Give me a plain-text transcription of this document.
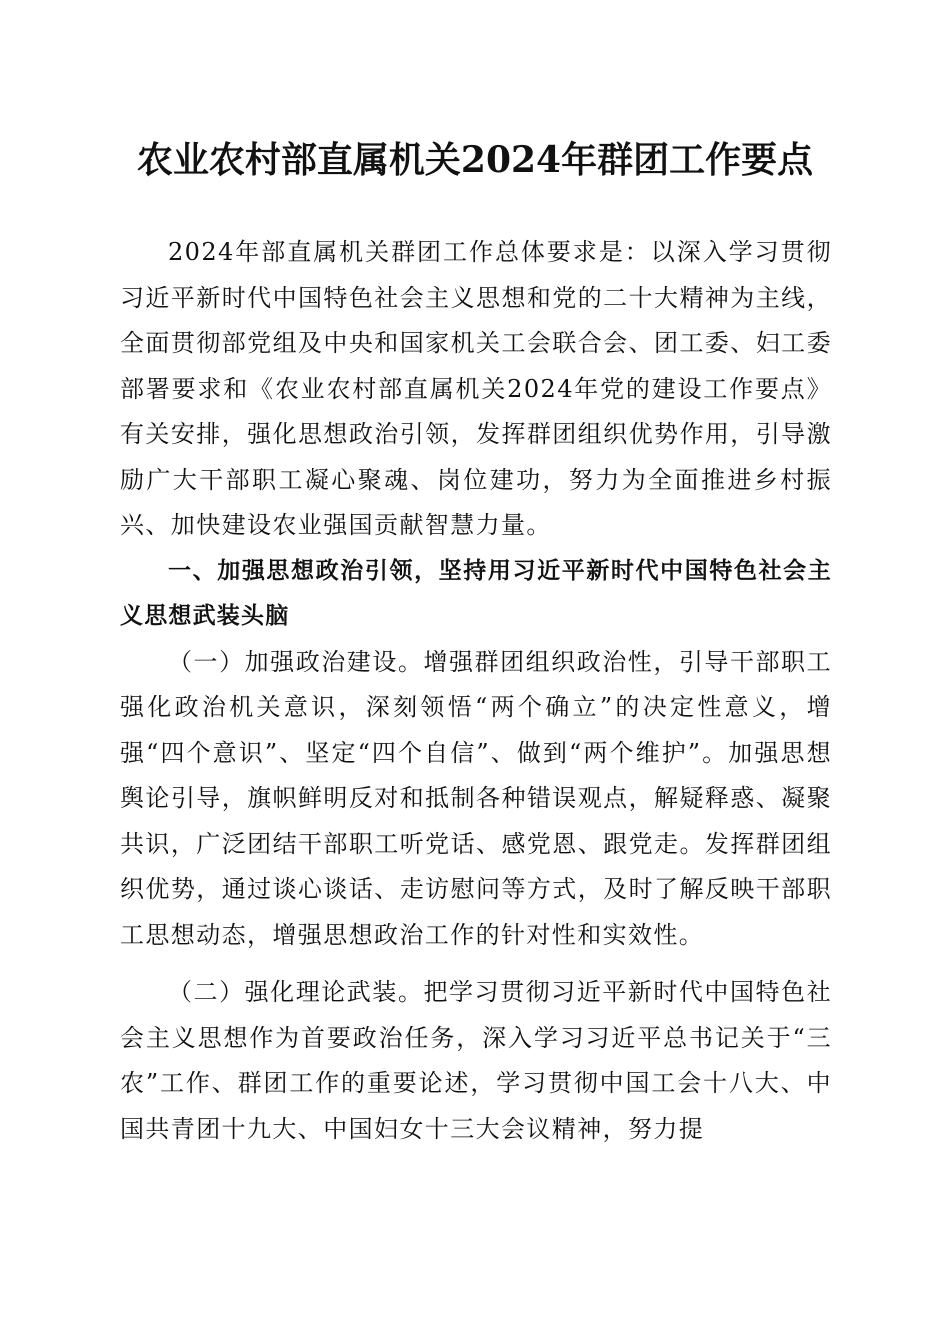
农业农村部直属机关2024年群团工作要点

2024年部直属机关群团工作总体要求是：以深入学习贯彻习近平新时代中国特色社会主义思想和党的二十大精神为主线，全面贯彻部党组及中央和国家机关工会联合会、团工委、妇工委部署要求和《农业农村部直属机关2024年党的建设工作要点》有关安排，强化思想政治引领，发挥群团组织优势作用，引导激励广大干部职工凝心聚魂、岗位建功，努力为全面推进乡村振兴、加快建设农业强国贡献智慧力量。

一、加强思想政治引领，坚持用习近平新时代中国特色社会主义思想武装头脑

（一）加强政治建设。增强群团组织政治性，引导干部职工强化政治机关意识，深刻领悟“两个确立”的决定性意义，增强“四个意识”、坚定“四个自信”、做到“两个维护”。加强思想舆论引导，旗帜鲜明反对和抵制各种错误观点，解疑释惑、凝聚共识，广泛团结干部职工听党话、感党恩、跟党走。发挥群团组织优势，通过谈心谈话、走访慰问等方式，及时了解反映干部职工思想动态，增强思想政治工作的针对性和实效性。

（二）强化理论武装。把学习贯彻习近平新时代中国特色社会主义思想作为首要政治任务，深入学习习近平总书记关于“三农”工作、群团工作的重要论述，学习贯彻中国工会十八大、中国共青团十九大、中国妇女十三大会议精神，努力提
